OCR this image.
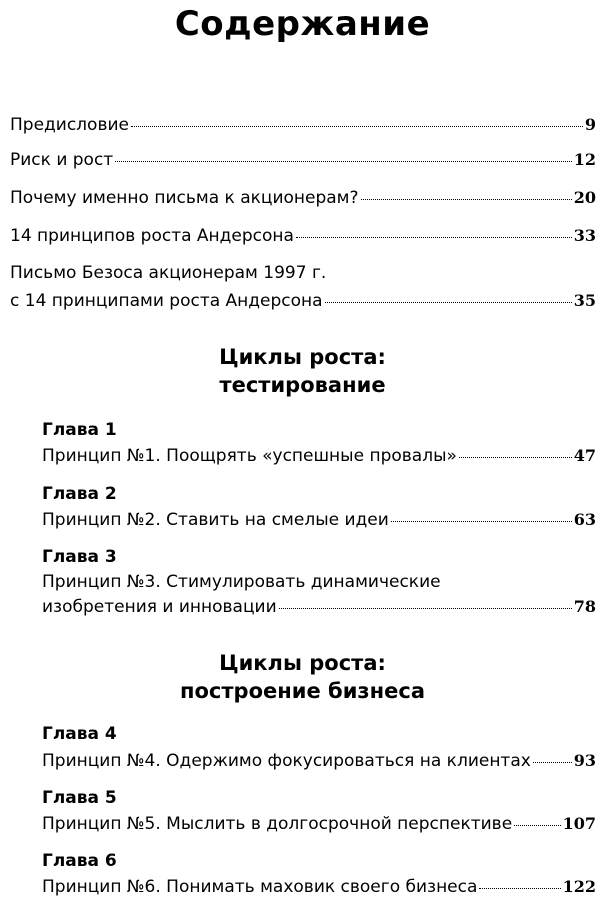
Содержание
Предисловие	9
Риск и рост	12
Почему именно письма к акционерам?	20
14 принципов роста Андерсона	33
Письмо Безоса акционерам 1997 г.
с 14 принципами роста Андерсона	35
Циклы роста:
тестирование
Глава 1
Принцип №1. Поощрять «успешные провалы»	47
Глава 2
Принцип №2. Ставить на смелые идеи	63
Глава 3
Принцип №3. Стимулировать динамические
изобретения и инновации	78
Циклы роста:
построение бизнеса
Глава 4
Принцип №4. Одержимо фокусироваться на клиентах	93
Глава 5
Принцип №5. Мыслить в долгосрочной перспективе	107
Глава 6
Принцип №6. Понимать маховик своего бизнеса	122
